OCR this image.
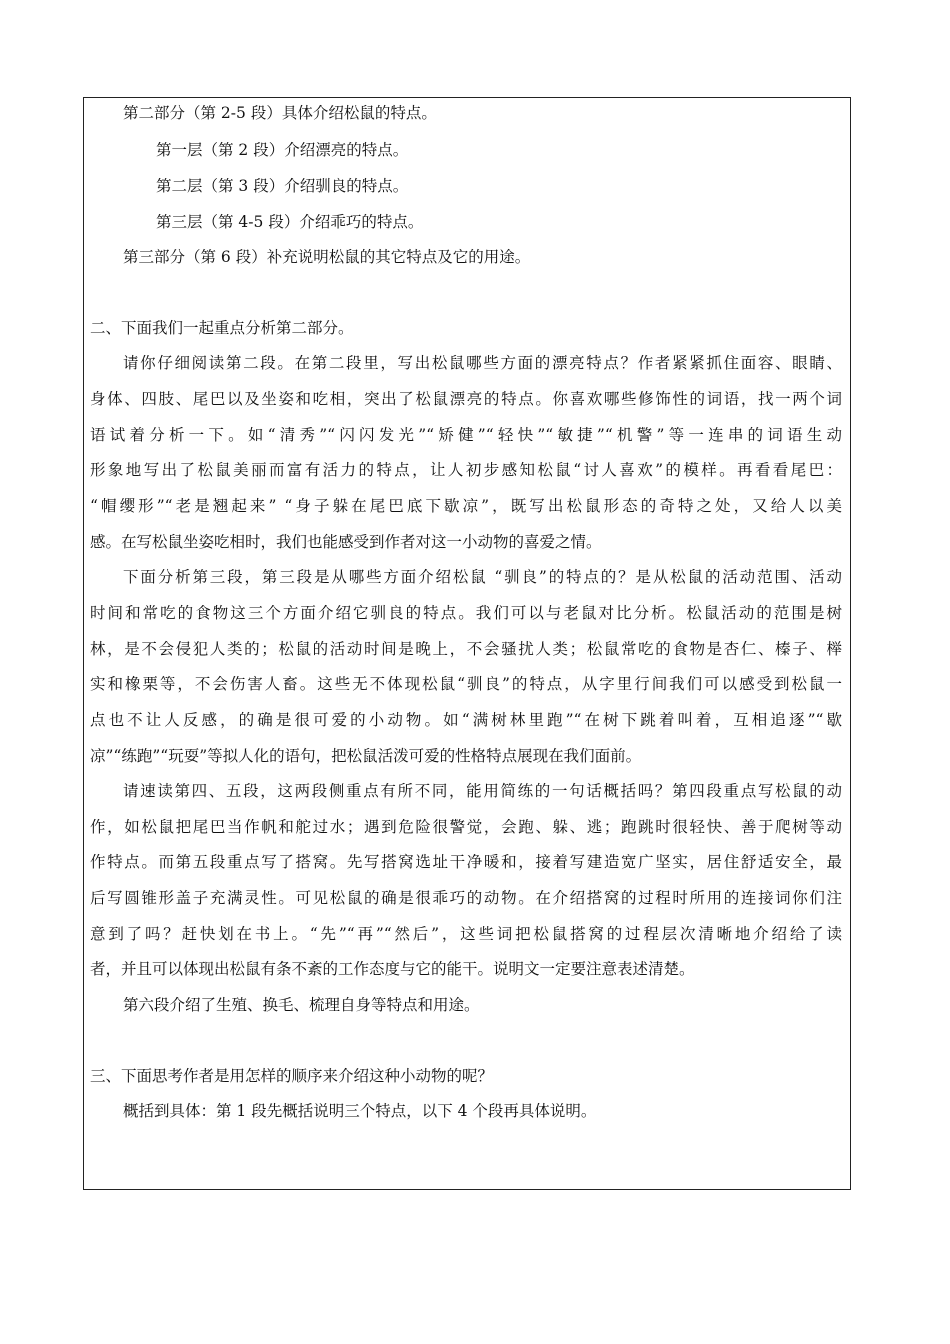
第二部分（第 2-5 段）具体介绍松鼠的特点。
第一层（第 2 段）介绍漂亮的特点。
第二层（第 3 段）介绍驯良的特点。
第三层（第 4-5 段）介绍乖巧的特点。
第三部分（第 6 段）补充说明松鼠的其它特点及它的用途。
二、下面我们一起重点分析第二部分。
请你仔细阅读第二段。在第二段里，写出松鼠哪些方面的漂亮特点？作者紧紧抓住面容、眼睛、
身体、四肢、尾巴以及坐姿和吃相，突出了松鼠漂亮的特点。你喜欢哪些修饰性的词语，找一两个词
语试着分析一下。如“清秀”“闪闪发光”“矫健”“轻快”“敏捷”“机警”等一连串的词语生动
形象地写出了松鼠美丽而富有活力的特点，让人初步感知松鼠“讨人喜欢”的模样。再看看尾巴：
“帽缨形”“老是翘起来” “身子躲在尾巴底下歇凉”，既写出松鼠形态的奇特之处，又给人以美
感。在写松鼠坐姿吃相时，我们也能感受到作者对这一小动物的喜爱之情。
下面分析第三段，第三段是从哪些方面介绍松鼠 “驯良”的特点的？是从松鼠的活动范围、活动
时间和常吃的食物这三个方面介绍它驯良的特点。我们可以与老鼠对比分析。松鼠活动的范围是树
林，是不会侵犯人类的；松鼠的活动时间是晚上，不会骚扰人类；松鼠常吃的食物是杏仁、榛子、榉
实和橡栗等，不会伤害人畜。这些无不体现松鼠“驯良”的特点，从字里行间我们可以感受到松鼠一
点也不让人反感，的确是很可爱的小动物。如“满树林里跑”“在树下跳着叫着，互相追逐”“歇
凉”“练跑”“玩耍”等拟人化的语句，把松鼠活泼可爱的性格特点展现在我们面前。
请速读第四、五段，这两段侧重点有所不同，能用简练的一句话概括吗？第四段重点写松鼠的动
作，如松鼠把尾巴当作帆和舵过水；遇到危险很警觉，会跑、躲、逃；跑跳时很轻快、善于爬树等动
作特点。而第五段重点写了搭窝。先写搭窝选址干净暖和，接着写建造宽广坚实，居住舒适安全，最
后写圆锥形盖子充满灵性。可见松鼠的确是很乖巧的动物。在介绍搭窝的过程时所用的连接词你们注
意到了吗？赶快划在书上。“先”“再”“然后”，这些词把松鼠搭窝的过程层次清晰地介绍给了读
者，并且可以体现出松鼠有条不紊的工作态度与它的能干。说明文一定要注意表述清楚。
第六段介绍了生殖、换毛、梳理自身等特点和用途。
三、下面思考作者是用怎样的顺序来介绍这种小动物的呢？
概括到具体：第 1 段先概括说明三个特点，以下 4 个段再具体说明。
